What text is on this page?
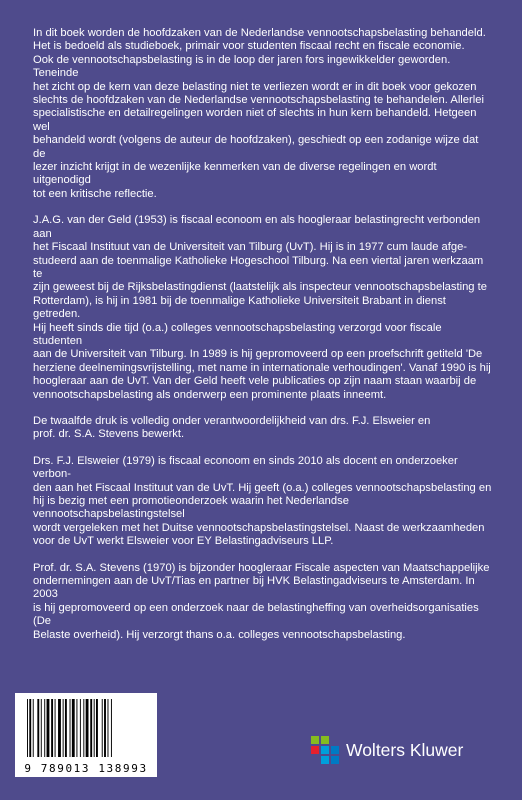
In dit boek worden de hoofdzaken van de Nederlandse vennootschapsbelasting behandeld.
Het is bedoeld als studieboek, primair voor studenten fiscaal recht en fiscale economie.
Ook de vennootschapsbelasting is in de loop der jaren fors ingewikkelder geworden. Teneinde
het zicht op de kern van deze belasting niet te verliezen wordt er in dit boek voor gekozen
slechts de hoofdzaken van de Nederlandse vennootschapsbelasting te behandelen. Allerlei
specialistische en detailregelingen worden niet of slechts in hun kern behandeld. Hetgeen wel
behandeld wordt (volgens de auteur de hoofdzaken), geschiedt op een zodanige wijze dat de
lezer inzicht krijgt in de wezenlijke kenmerken van de diverse regelingen en wordt uitgenodigd
tot een kritische reflectie.

J.A.G. van der Geld (1953) is fiscaal econoom en als hoogleraar belastingrecht verbonden aan
het Fiscaal Instituut van de Universiteit van Tilburg (UvT). Hij is in 1977 cum laude afge-
studeerd aan de toenmalige Katholieke Hogeschool Tilburg. Na een viertal jaren werkzaam te
zijn geweest bij de Rijksbelastingdienst (laatstelijk als inspecteur vennootschapsbelasting te
Rotterdam), is hij in 1981 bij de toenmalige Katholieke Universiteit Brabant in dienst getreden.
Hij heeft sinds die tijd (o.a.) colleges vennootschapsbelasting verzorgd voor fiscale studenten
aan de Universiteit van Tilburg. In 1989 is hij gepromoveerd op een proefschrift getiteld 'De
herziene deelnemingsvrijstelling, met name in internationale verhoudingen'. Vanaf 1990 is hij
hoogleraar aan de UvT. Van der Geld heeft vele publicaties op zijn naam staan waarbij de
vennootschapsbelasting als onderwerp een prominente plaats inneemt.

De twaalfde druk is volledig onder verantwoordelijkheid van drs. F.J. Elsweier en
prof. dr. S.A. Stevens bewerkt.

Drs. F.J. Elsweier (1979) is fiscaal econoom en sinds 2010 als docent en onderzoeker verbon-
den aan het Fiscaal Instituut van de UvT. Hij geeft (o.a.) colleges vennootschapsbelasting en
hij is bezig met een promotieonderzoek waarin het Nederlandse vennootschapsbelastingstelsel
wordt vergeleken met het Duitse vennootschapsbelastingstelsel. Naast de werkzaamheden
voor de UvT werkt Elsweier voor EY Belastingadviseurs LLP.

Prof. dr. S.A. Stevens (1970) is bijzonder hoogleraar Fiscale aspecten van Maatschappelijke
ondernemingen aan de UvT/Tias en partner bij HVK Belastingadviseurs te Amsterdam. In 2003
is hij gepromoveerd op een onderzoek naar de belastingheffing van overheidsorganisaties (De
Belaste overheid). Hij verzorgt thans o.a. colleges vennootschapsbelasting.

9 789013 138993
Wolters Kluwer
